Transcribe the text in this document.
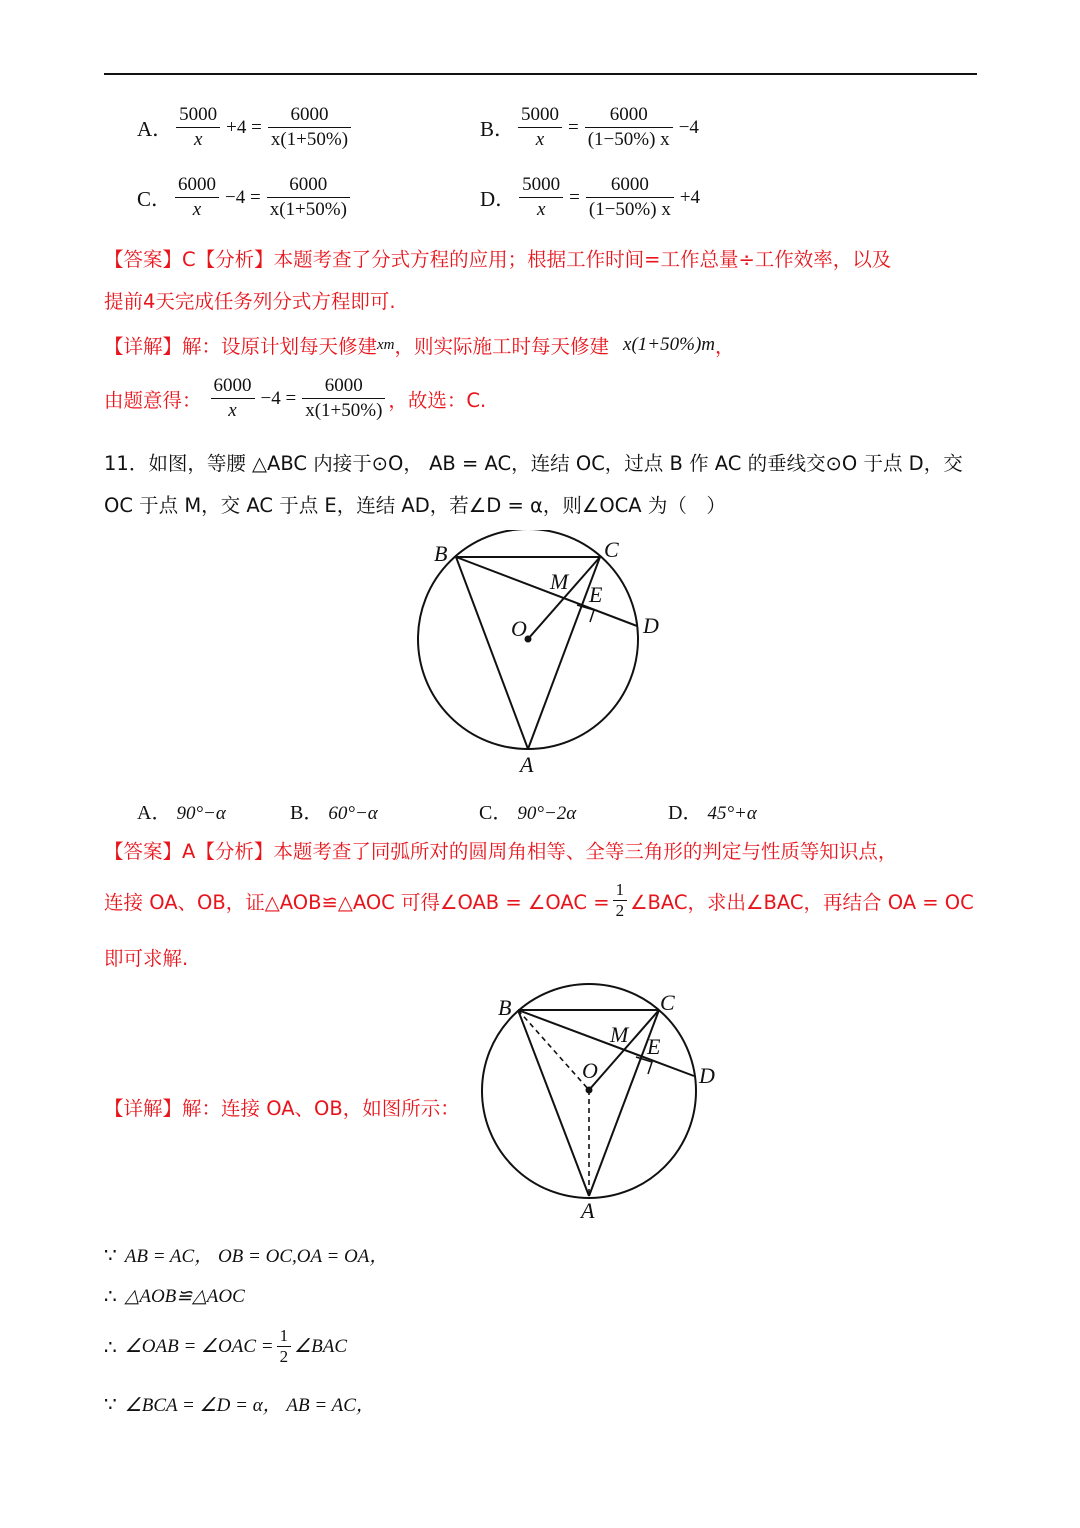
A． $\frac{5000}{x} +4 = \frac{6000}{x(1+50\%)}$	B． $\frac{5000}{x} = \frac{6000}{(1-50\%) x} -4$
C． $\frac{6000}{x} -4 = \frac{6000}{x(1+50\%)}$	D． $\frac{5000}{x} = \frac{6000}{(1-50\%) x} +4$
【答案】C【分析】本题考查了分式方程的应用；根据工作时间=工作总量÷工作效率，以及
提前4天完成任务列分式方程即可.
【详解】解：设原计划每天修建 xm ，则实际施工时每天修建 x(1+50%)m ，
由题意得： $\frac{6000}{x} -4 = \frac{6000}{x(1+50\%)}$ ，故选：C.
11．如图，等腰 △ABC 内接于⊙O， AB = AC，连结 OC，过点 B 作 AC 的垂线交⊙O 于点 D，交
OC 于点 M，交 AC 于点 E，连结 AD，若∠D = α，则∠OCA 为（　）
B	C
M
E
O	D
A
A． 90°−α	B． 60°−α	C． 90°−2α	D． 45°+α
【答案】A【分析】本题考查了同弧所对的圆周角相等、全等三角形的判定与性质等知识点，
连接 OA、OB，证△AOB≌△AOC 可得∠OAB = ∠OAC = $\frac{1}{2}$ ∠BAC，求出∠BAC，再结合 OA = OC
即可求解.
【详解】解：连接 OA、OB，如图所示：
B	C
M E
O	D
A
∵ AB = AC， OB = OC,OA = OA，
∴ △AOB≌△AOC
∴ ∠OAB = ∠OAC = $\frac{1}{2}$ ∠BAC
∵ ∠BCA = ∠D = α， AB = AC，
